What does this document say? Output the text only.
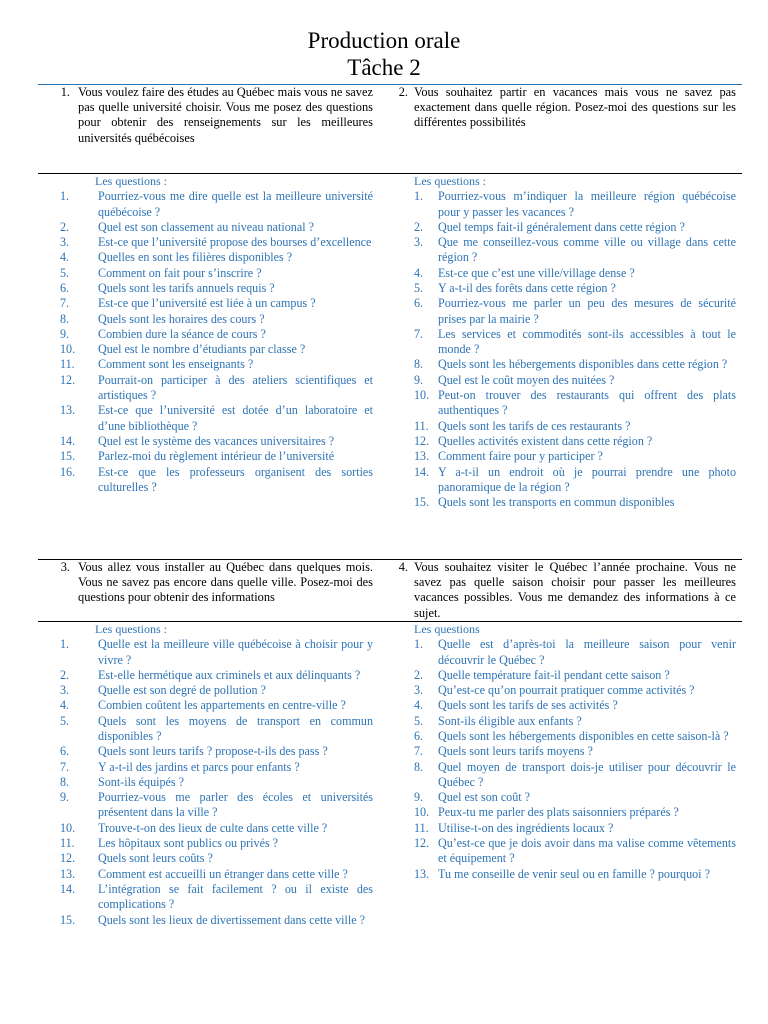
Production orale
Tâche 2
1. Vous voulez faire des études au Québec mais vous ne savez pas quelle université choisir. Vous me posez des questions pour obtenir des renseignements sur les meilleures universités québécoises
2. Vous souhaitez partir en vacances mais vous ne savez pas exactement dans quelle région. Posez-moi des questions sur les différentes possibilités
Les questions :
1.	Pourriez-vous me dire quelle est la meilleure université québécoise ?
2.	Quel est son classement au niveau national ?
3.	Est-ce que l’université propose des bourses d’excellence
4.	Quelles en sont les filières disponibles ?
5.	Comment on fait pour s’inscrire ?
6.	Quels sont les tarifs annuels requis ?
7.	Est-ce que l’université est liée à un campus ?
8.	Quels sont les horaires des cours ?
9.	Combien dure la séance de cours ?
10. Quel est le nombre d’étudiants par classe ?
11. Comment sont les enseignants ?
12. Pourrait-on participer à des ateliers scientifiques et artistiques ?
13. Est-ce que l’université est dotée d’un laboratoire et d’une bibliothèque ?
14. Quel est le système des vacances universitaires ?
15. Parlez-moi du règlement intérieur de l’université
16. Est-ce que les professeurs organisent des sorties culturelles ?
Les questions :
1.	Pourriez-vous m’indiquer la meilleure région québécoise pour y passer les vacances ?
2.	Quel temps fait-il généralement dans cette région ?
3.	Que me conseillez-vous comme ville ou village dans cette région ?
4.	Est-ce que c’est une ville/village dense ?
5.	Y a-t-il des forêts dans cette région ?
6.	Pourriez-vous me parler un peu des mesures de sécurité prises par la mairie ?
7.	Les services et commodités sont-ils accessibles à tout le monde ?
8.	Quels sont les hébergements disponibles dans cette région ?
9.	Quel est le coût moyen des nuitées ?
10. Peut-on trouver des restaurants qui offrent des plats authentiques ?
11. Quels sont les tarifs de ces restaurants ?
12. Quelles activités existent dans cette région ?
13. Comment faire pour y participer ?
14. Y a-t-il un endroit où je pourrai prendre une photo panoramique de la région ?
15. Quels sont les transports en commun disponibles
3. Vous allez vous installer au Québec dans quelques mois. Vous ne savez pas encore dans quelle ville. Posez-moi des questions pour obtenir des informations
4. Vous souhaitez visiter le Québec l’année prochaine. Vous ne savez pas quelle saison choisir pour passer les meilleures vacances possibles. Vous me demandez des informations à ce sujet.
Les questions :
1.	Quelle est la meilleure ville québécoise à choisir pour y vivre ?
2.	Est-elle hermétique aux criminels et aux délinquants ?
3.	Quelle est son degré de pollution ?
4.	Combien coûtent les appartements en centre-ville ?
5.	Quels sont les moyens de transport en commun disponibles ?
6.	Quels sont leurs tarifs ? propose-t-ils des pass ?
7.	Y a-t-il des jardins et parcs pour enfants ?
8.	Sont-ils équipés ?
9.	Pourriez-vous me parler des écoles et universités présentent dans la ville ?
10. Trouve-t-on des lieux de culte dans cette ville ?
11. Les hôpitaux sont publics ou privés ?
12. Quels sont leurs coûts ?
13. Comment est accueilli un étranger dans cette ville ?
14. L’intégration se fait facilement ? ou il existe des complications ?
15. Quels sont les lieux de divertissement dans cette ville ?
Les questions
1.	Quelle est d’après-toi la meilleure saison pour venir découvrir le Québec ?
2.	Quelle température fait-il pendant cette saison ?
3.	Qu’est-ce qu’on pourrait pratiquer comme activités ?
4.	Quels sont les tarifs de ses activités ?
5.	Sont-ils éligible aux enfants ?
6.	Quels sont les hébergements disponibles en cette saison-là ?
7.	Quels sont leurs tarifs moyens ?
8.	Quel moyen de transport dois-je utiliser pour découvrir le Québec ?
9.	Quel est son coût ?
10. Peux-tu me parler des plats saisonniers préparés ?
11. Utilise-t-on des ingrédients locaux ?
12. Qu’est-ce que je dois avoir dans ma valise comme vêtements et équipement ?
13. Tu me conseille de venir seul ou en famille ? pourquoi ?
